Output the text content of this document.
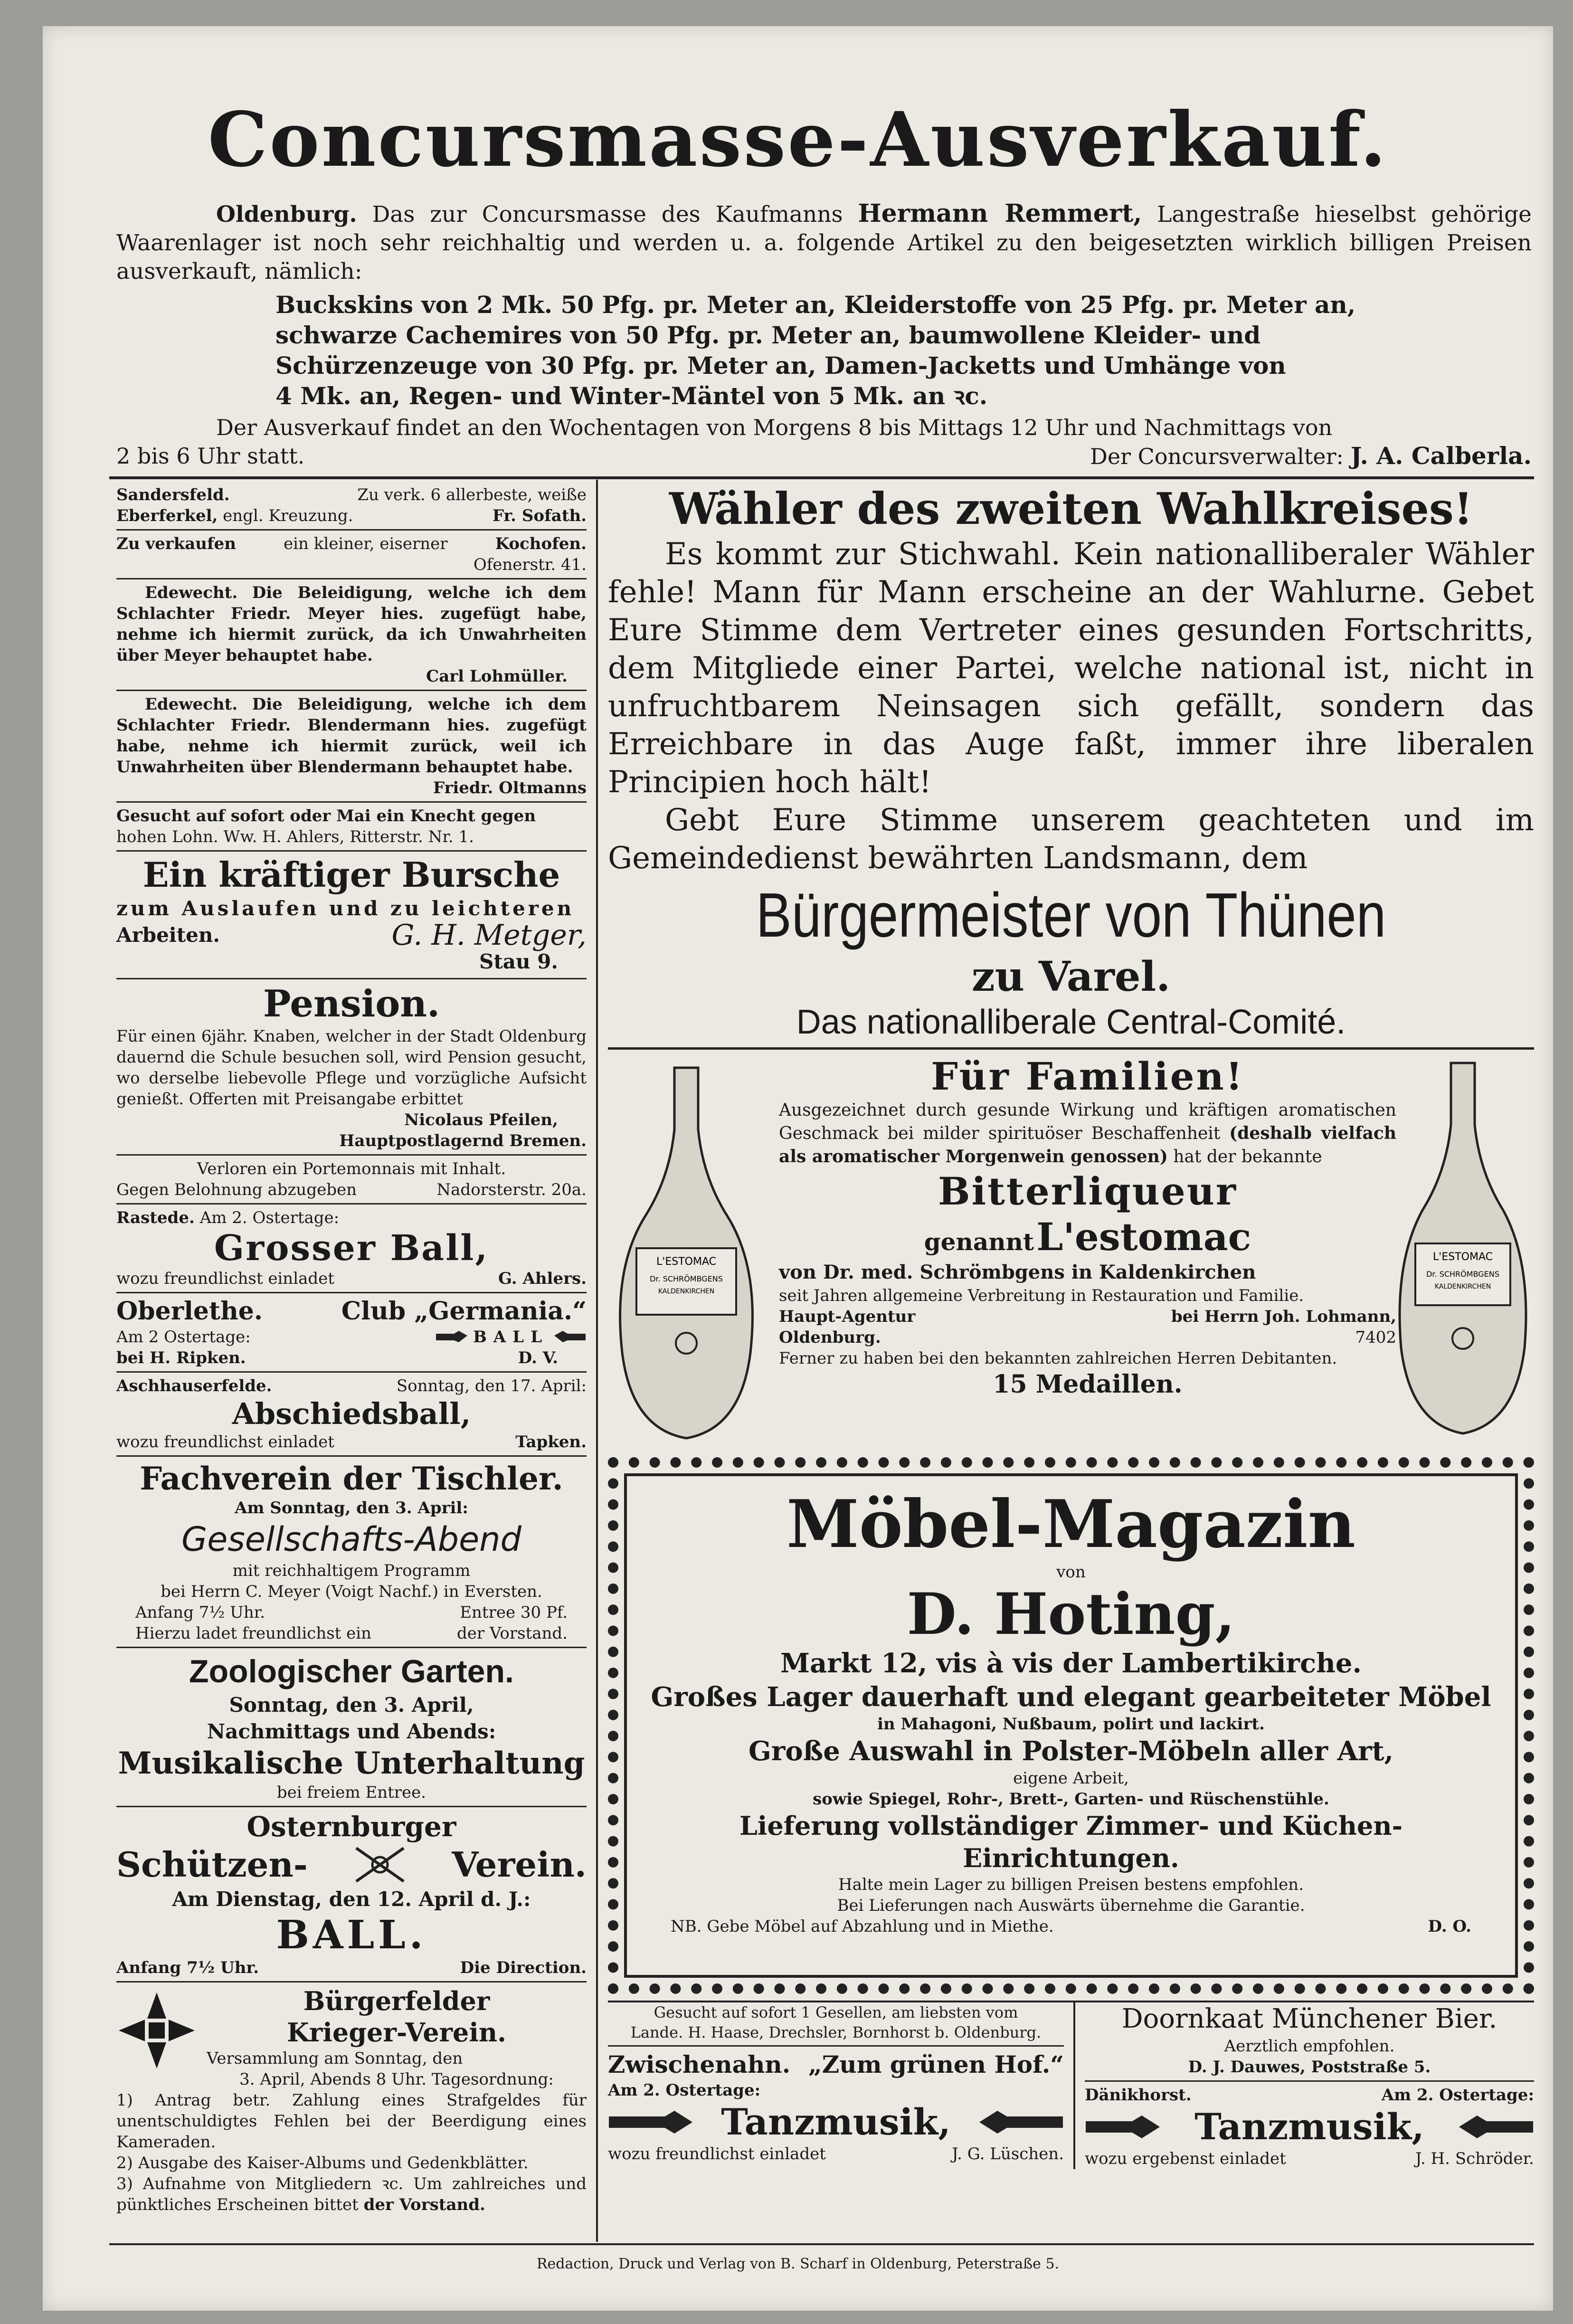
Concursmasse-Ausverkauf.
Oldenburg. Das zur Concursmasse des Kaufmanns Hermann Remmert, Langestraße hieselbst gehörige Waarenlager ist noch sehr reichhaltig und werden u. a. folgende Artikel zu den beigesetzten wirklich billigen Preisen ausverkauft, nämlich:
Buckskins von 2 Mk. 50 Pfg. pr. Meter an, Kleiderstoffe von 25 Pfg. pr. Meter an,
schwarze Cachemires von 50 Pfg. pr. Meter an, baumwollene Kleider- und
Schürzenzeuge von 30 Pfg. pr. Meter an, Damen-Jacketts und Umhänge von
4 Mk. an, Regen- und Winter-Mäntel von 5 Mk. an ꝛc.
Der Ausverkauf findet an den Wochentagen von Morgens 8 bis Mittags 12 Uhr und Nachmittags von
2 bis 6 Uhr statt.	Der Concursverwalter: J. A. Calberla.
Sandersfeld.	Zu verk. 6 allerbeste, weiße
Eberferkel, engl. Kreuzung.	Fr. Sofath.
Zu verkaufen	ein kleiner, eiserner	Kochofen.
Ofenerstr. 41.
Edewecht. Die Beleidigung, welche ich dem Schlachter Friedr. Meyer hies. zugefügt habe, nehme ich hiermit zurück, da ich Unwahrheiten über Meyer behauptet habe.
Carl Lohmüller.
Edewecht. Die Beleidigung, welche ich dem Schlachter Friedr. Blendermann hies. zugefügt habe, nehme ich hiermit zurück, weil ich Unwahrheiten über Blendermann behauptet habe.
Friedr. Oltmanns
Gesucht auf sofort oder Mai ein Knecht gegen
hohen Lohn. Ww. H. Ahlers, Ritterstr. Nr. 1.
Ein kräftiger Bursche
zum Auslaufen und zu leichteren
Arbeiten.	G. H. Metger,
Stau 9.
Pension.
Für einen 6jähr. Knaben, welcher in der Stadt Oldenburg dauernd die Schule besuchen soll, wird Pension gesucht, wo derselbe liebevolle Pflege und vorzügliche Aufsicht genießt. Offerten mit Preisangabe erbittet
Nicolaus Pfeilen,
Hauptpostlagernd Bremen.
Verloren ein Portemonnais mit Inhalt.
Gegen Belohnung abzugeben	Nadorsterstr. 20a.
Rastede. Am 2. Ostertage:
Grosser Ball,
wozu freundlichst einladet	G. Ahlers.
Oberlethe.	Club „Germania.“
Am 2 Ostertage:	BALL
bei H. Ripken.	D. V.
Aschhauserfelde.	Sonntag, den 17. April:
Abschiedsball,
wozu freundlichst einladet	Tapken.
Fachverein der Tischler.
Am Sonntag, den 3. April:
Gesellschafts-Abend
mit reichhaltigem Programm
bei Herrn C. Meyer (Voigt Nachf.) in Eversten.
Anfang 7½ Uhr.	Entree 30 Pf.
Hierzu ladet freundlichst ein	der Vorstand.
Zoologischer Garten.
Sonntag, den 3. April,
Nachmittags und Abends:
Musikalische Unterhaltung
bei freiem Entree.
Osternburger
Schützen-	Verein.
Am Dienstag, den 12. April d. J.:
BALL.
Anfang 7½ Uhr.	Die Direction.
Bürgerfelder
Krieger-Verein.
Versammlung am Sonntag, den
3. April, Abends 8 Uhr. Tagesordnung:
1) Antrag betr. Zahlung eines Strafgeldes für unentschuldigtes Fehlen bei der Beerdigung eines Kameraden.
2) Ausgabe des Kaiser-Albums und Gedenkblätter.
3) Aufnahme von Mitgliedern ꝛc. Um zahlreiches und pünktliches Erscheinen bittet der Vorstand.
Wähler des zweiten Wahlkreises!
Es kommt zur Stichwahl. Kein nationalliberaler Wähler fehle! Mann für Mann erscheine an der Wahlurne. Gebet Eure Stimme dem Vertreter eines gesunden Fortschritts, dem Mitgliede einer Partei, welche national ist, nicht in unfruchtbarem Neinsagen sich gefällt, sondern das Erreichbare in das Auge faßt, immer ihre liberalen Principien hoch hält!
Gebt Eure Stimme unserem geachteten und im Gemeindedienst bewährten Landsmann, dem
Bürgermeister von Thünen
zu Varel.
Das nationalliberale Central-Comité.
L'ESTOMAC
Dr. SCHRÖMBGENS
KALDENKIRCHEN
L'ESTOMAC
Dr. SCHRÖMBGENS
KALDENKIRCHEN
Für Familien!
Ausgezeichnet durch gesunde Wirkung und kräftigen aromatischen Geschmack bei milder spirituöser Beschaffenheit (deshalb vielfach als aromatischer Morgenwein genossen) hat der bekannte
Bitterliqueur
genannt L'estomac
von Dr. med. Schrömbgens in Kaldenkirchen
seit Jahren allgemeine Verbreitung in Restauration und Familie.
Haupt-Agentur	bei Herrn Joh. Lohmann,
Oldenburg.	7402
Ferner zu haben bei den bekannten zahlreichen Herren Debitanten.
15 Medaillen.
Möbel-Magazin
von
D. Hoting,
Markt 12, vis à vis der Lambertikirche.
Großes Lager dauerhaft und elegant gearbeiteter Möbel
in Mahagoni, Nußbaum, polirt und lackirt.
Große Auswahl in Polster-Möbeln aller Art,
eigene Arbeit,
sowie Spiegel, Rohr-, Brett-, Garten- und Rüschenstühle.
Lieferung vollständiger Zimmer- und Küchen-Einrichtungen.
Halte mein Lager zu billigen Preisen bestens empfohlen.
Bei Lieferungen nach Auswärts übernehme die Garantie.
NB. Gebe Möbel auf Abzahlung und in Miethe.	D. O.
Gesucht auf sofort 1 Gesellen, am liebsten vom
Lande. H. Haase, Drechsler, Bornhorst b. Oldenburg.
Zwischenahn. „Zum grünen Hof.“
Am 2. Ostertage:
Tanzmusik,
wozu freundlichst einladet	J. G. Lüschen.
Doornkaat Münchener Bier.
Aerztlich empfohlen.
D. J. Dauwes, Poststraße 5.
Dänikhorst.	Am 2. Ostertage:
Tanzmusik,
wozu ergebenst einladet	J. H. Schröder.
Redaction, Druck und Verlag von B. Scharf in Oldenburg, Peterstraße 5.
